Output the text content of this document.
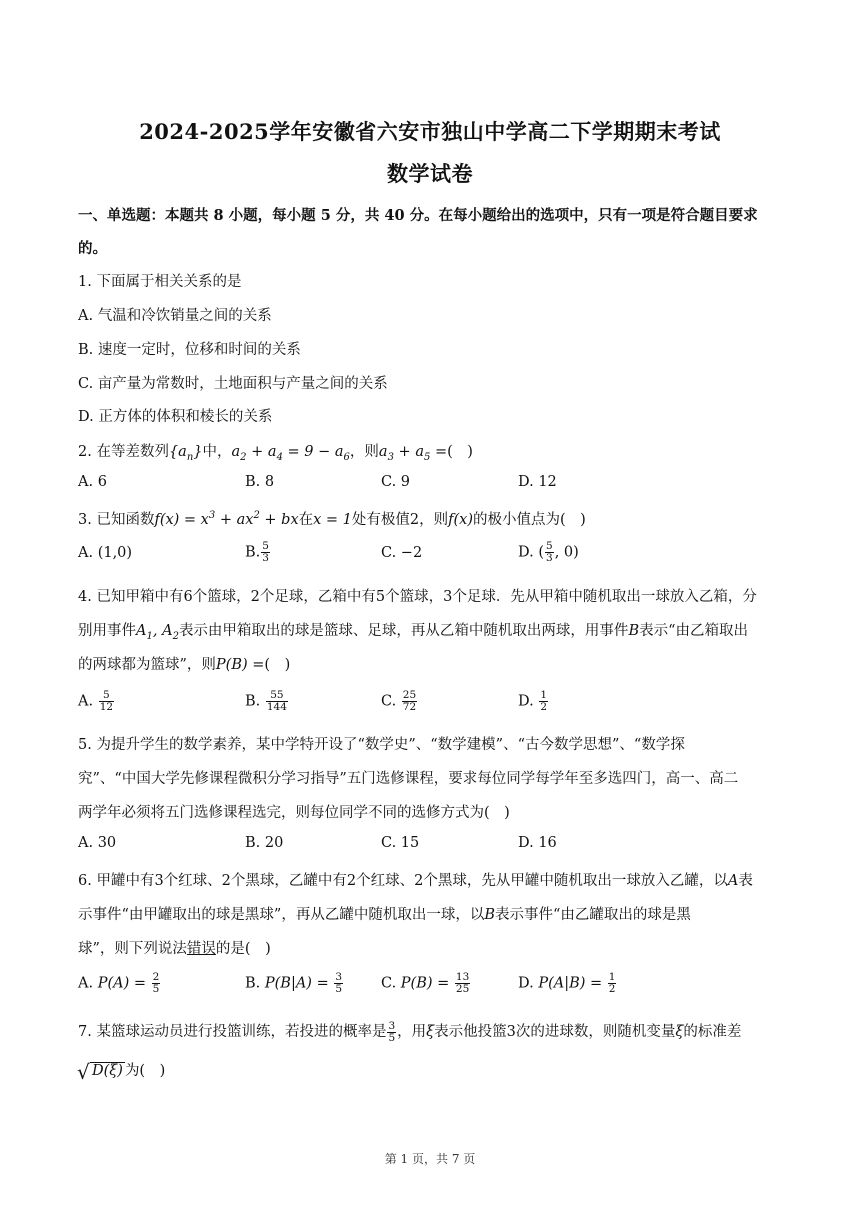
2024-2025学年安徽省六安市独山中学高二下学期期末考试
数学试卷
一、单选题：本题共 8 小题，每小题 5 分，共 40 分。在每小题给出的选项中，只有一项是符合题目要求
的。
1. 下面属于相关关系的是
A. 气温和冷饮销量之间的关系
B. 速度一定时，位移和时间的关系
C. 亩产量为常数时，土地面积与产量之间的关系
D. 正方体的体积和棱长的关系
2. 在等差数列$\{a_n\}$中，$a_2 + a_4 = 9 - a_6$，则$a_3 + a_5$ =(　)
A. 6	B. 8	C. 9	D. 12
3. 已知函数$f(x) = x^3 + ax^2$ + bx在x = 1处有极值2，则f(x)的极小值点为(　)
A. (1,0)	B. $\frac{5}{3}$	C. −2	D. ( $\frac{5}{3}$ , 0)
4. 已知甲箱中有6个篮球，2个足球，乙箱中有5个篮球，3个足球．先从甲箱中随机取出一球放入乙箱，分
别用事件$A_1$, $A_2$表示由甲箱取出的球是篮球、足球，再从乙箱中随机取出两球，用事件B表示“由乙箱取出
的两球都为篮球”，则P(B) =(　)
A. $\frac{5}{12}$	B. $\frac{55}{144}$	C. $\frac{25}{72}$	D. $\frac{1}{2}$
5. 为提升学生的数学素养，某中学特开设了“数学史”、“数学建模”、“古今数学思想”、“数学探
究”、“中国大学先修课程微积分学习指导”五门选修课程，要求每位同学每学年至多选四门，高一、高二
两学年必须将五门选修课程选完，则每位同学不同的选修方式为(　)
A. 30	B. 20	C. 15	D. 16
6. 甲罐中有3个红球、2个黑球，乙罐中有2个红球、2个黑球，先从甲罐中随机取出一球放入乙罐，以A表
示事件“由甲罐取出的球是黑球”，再从乙罐中随机取出一球，以B表示事件“由乙罐取出的球是黑
球”，则下列说法错误的是(　)
A. $P(A) = \frac{2}{5}$	B. $P(B|A) = \frac{3}{5}$	C. $P(B) = \frac{13}{25}$	D. $P(A|B) = \frac{1}{2}$
7. 某篮球运动员进行投篮训练，若投进的概率是 $\frac{3}{5}$ ，用ξ表示他投篮3次的进球数，则随机变量ξ的标准差
√ D(ξ) 为(　)
第 1 页，共 7 页
